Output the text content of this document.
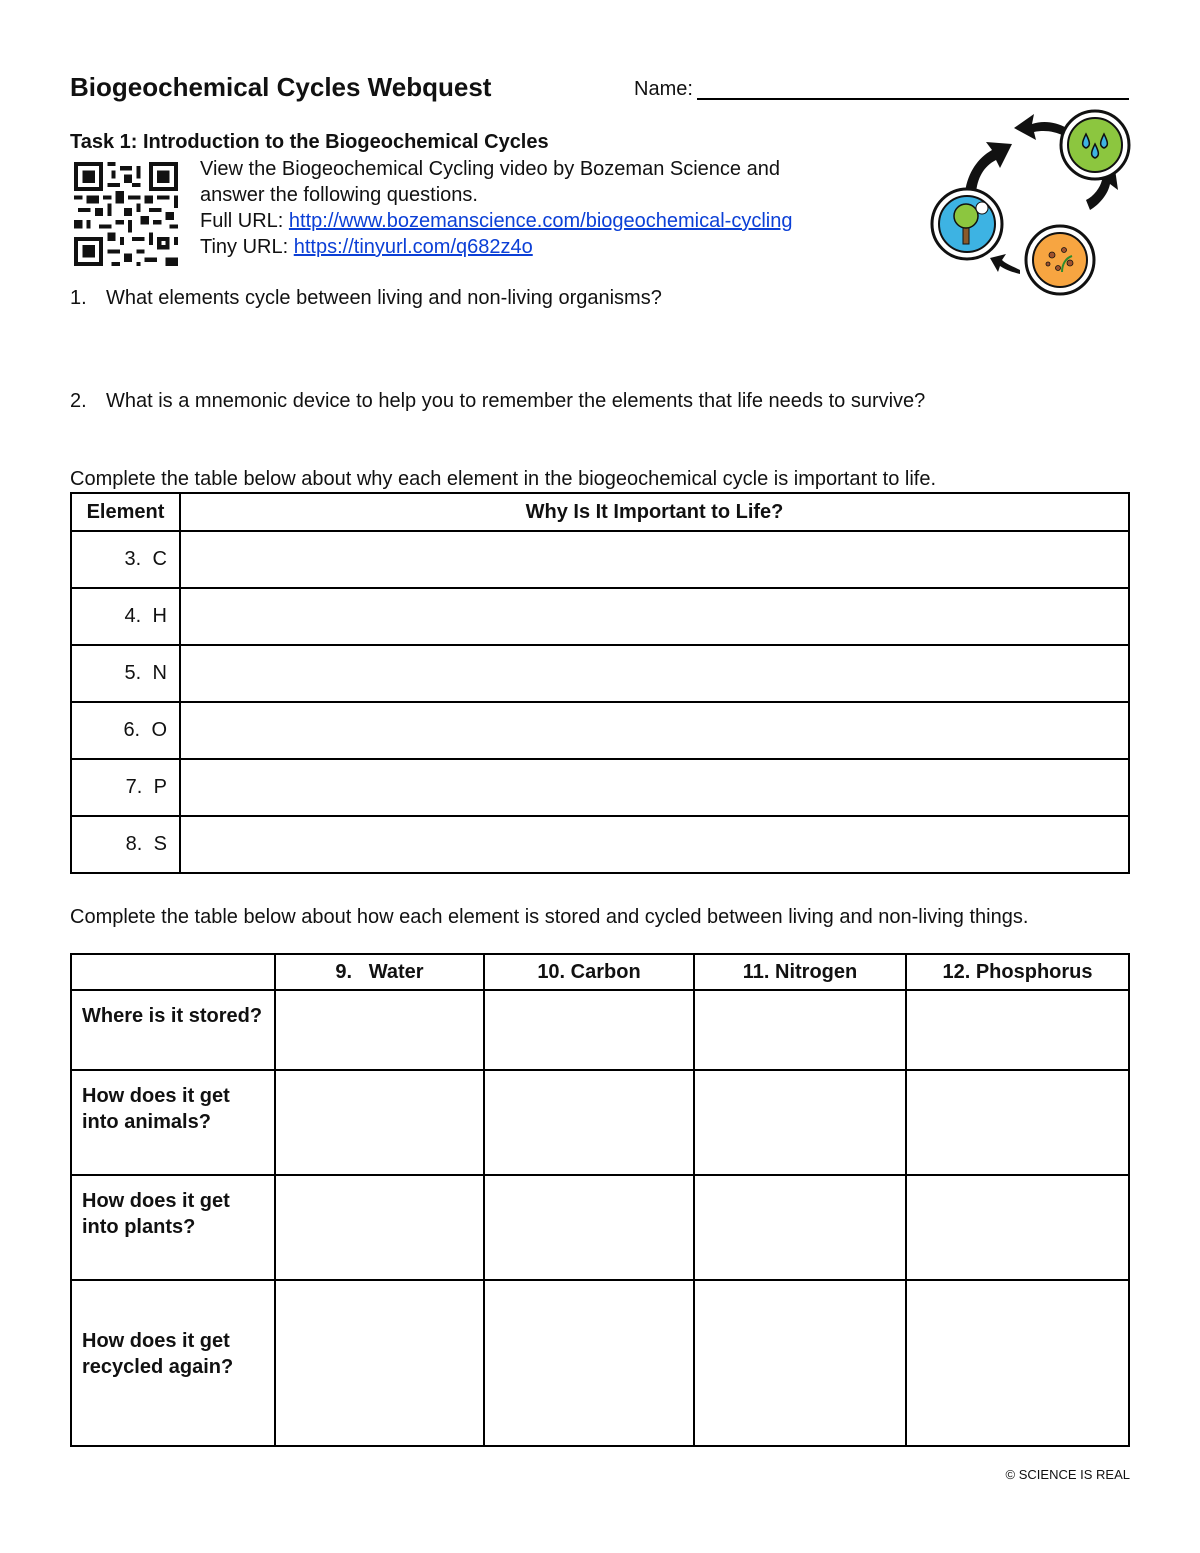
Biogeochemical Cycles Webquest	Name:
Task 1: Introduction to the Biogeochemical Cycles
View the Biogeochemical Cycling video by Bozeman Science and
answer the following questions.
Full URL: http://www.bozemanscience.com/biogeochemical-cycling
Tiny URL: https://tinyurl.com/q682z4o
1. What elements cycle between living and non-living organisms?
2. What is a mnemonic device to help you to remember the elements that life needs to survive?
Complete the table below about why each element in the biogeochemical cycle is important to life.
Element	Why Is It Important to Life?
3. C	
4. H	
5. N	
6. O	
7. P	
8. S	
Complete the table below about how each element is stored and cycled between living and non-living things.
	9.   Water	10. Carbon	11. Nitrogen	12. Phosphorus
Where is it stored?				
How does it get into animals?				
How does it get into plants?				
How does it get recycled again?				
© SCIENCE IS REAL
